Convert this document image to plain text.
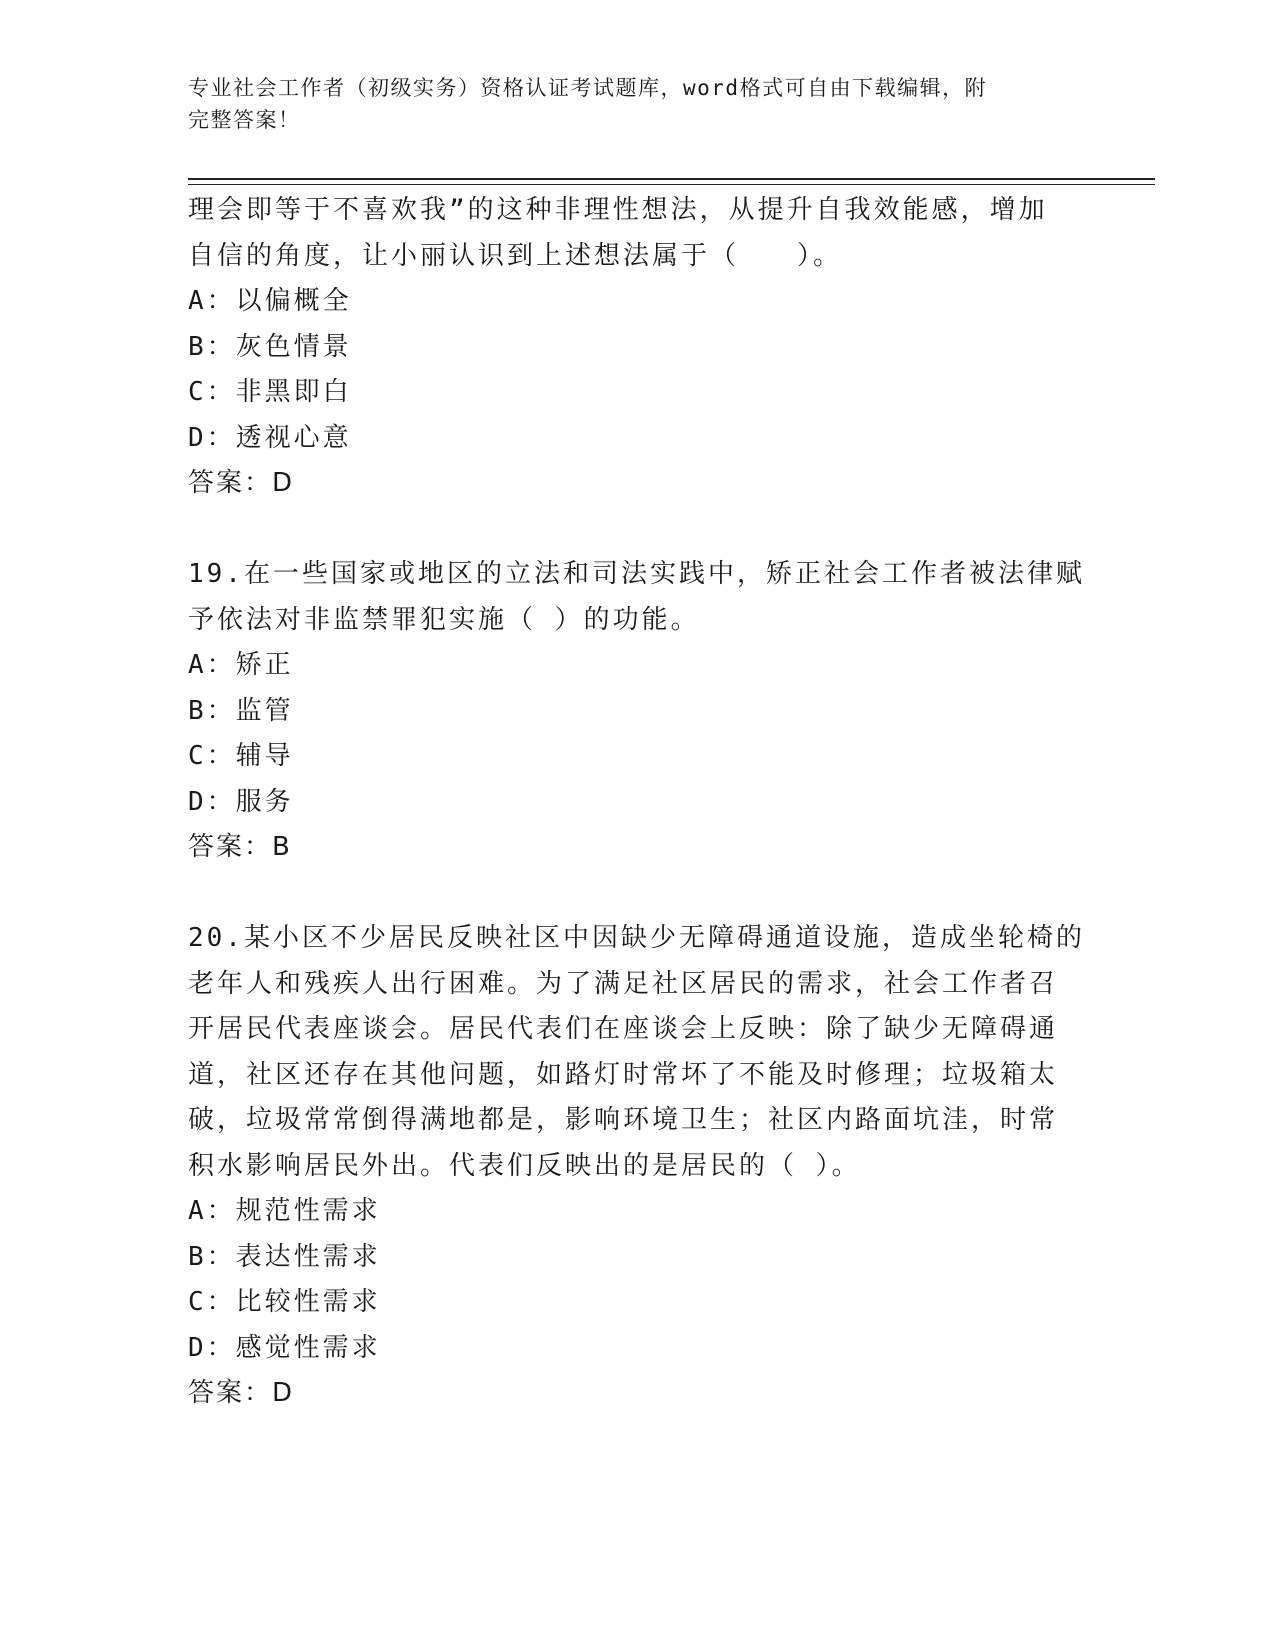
专业社会工作者（初级实务）资格认证考试题库，word格式可自由下载编辑，附
完整答案！
理会即等于不喜欢我”的这种非理性想法，从提升自我效能感，增加
自信的角度，让小丽认识到上述想法属于（　　）。
A：以偏概全
B：灰色情景
C：非黑即白
D：透视心意
答案：D
19.在一些国家或地区的立法和司法实践中，矫正社会工作者被法律赋
予依法对非监禁罪犯实施（ ）的功能。
A：矫正
B：监管
C：辅导
D：服务
答案：B
20.某小区不少居民反映社区中因缺少无障碍通道设施，造成坐轮椅的
老年人和残疾人出行困难。为了满足社区居民的需求，社会工作者召
开居民代表座谈会。居民代表们在座谈会上反映：除了缺少无障碍通
道，社区还存在其他问题，如路灯时常坏了不能及时修理；垃圾箱太
破，垃圾常常倒得满地都是，影响环境卫生；社区内路面坑洼，时常
积水影响居民外出。代表们反映出的是居民的（ ）。
A：规范性需求
B：表达性需求
C：比较性需求
D：感觉性需求
答案：D
